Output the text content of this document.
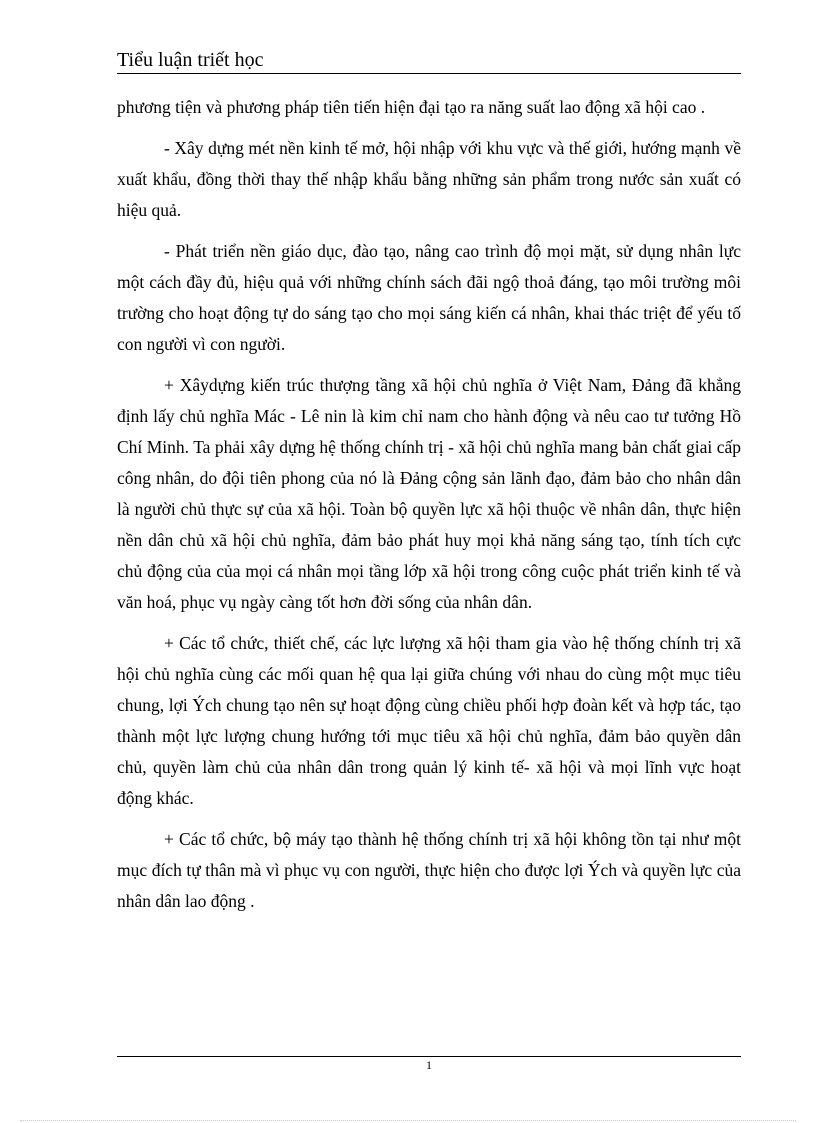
Tiểu luận triết học

phương tiện và phương pháp tiên tiến hiện đại tạo ra năng suất lao động xã hội cao .

- Xây dựng mét nền kinh tế mở, hội nhập với khu vực và thế giới, hướng mạnh về xuất khẩu, đồng thời thay thế nhập khẩu bằng những sản phẩm trong nước sản xuất có hiệu quả.

- Phát triển nền giáo dục, đào tạo, nâng cao trình độ mọi mặt, sử dụng nhân lực một cách đầy đủ, hiệu quả với những chính sách đãi ngộ thoả đáng, tạo môi trường môi trường cho hoạt động tự do sáng tạo cho mọi sáng kiến cá nhân, khai thác triệt để yếu tố con người vì con người.

+ Xâydựng kiến trúc thượng tầng xã hội chủ nghĩa ở Việt Nam, Đảng đã khẳng định lấy chủ nghĩa Mác - Lê nin là kim chỉ nam cho hành động và nêu cao tư tưởng Hồ Chí Minh. Ta phải xây dựng hệ thống chính trị - xã hội chủ nghĩa mang bản chất giai cấp công nhân, do đội tiên phong của nó là Đảng cộng sản lãnh đạo, đảm bảo cho nhân dân là người chủ thực sự của xã hội. Toàn bộ quyền lực xã hội thuộc về nhân dân, thực hiện nền dân chủ xã hội chủ nghĩa, đảm bảo phát huy mọi khả năng sáng tạo, tính tích cực chủ động của của mọi cá nhân mọi tầng lớp xã hội trong công cuộc phát triển kinh tế và văn hoá, phục vụ ngày càng tốt hơn đời sống của nhân dân.

+ Các tổ chức, thiết chế, các lực lượng xã hội tham gia vào hệ thống chính trị xã hội chủ nghĩa cùng các mối quan hệ qua lại giữa chúng với nhau do cùng một mục tiêu chung, lợi Ých chung tạo nên sự hoạt động cùng chiều phối hợp đoàn kết và hợp tác, tạo thành một lực lượng chung hướng tới mục tiêu xã hội chủ nghĩa, đảm bảo quyền dân chủ, quyền làm chủ của nhân dân trong quản lý kinh tế- xã hội và mọi lĩnh vực hoạt động khác.

+ Các tổ chức, bộ máy tạo thành hệ thống chính trị xã hội không tồn tại như một mục đích tự thân mà vì phục vụ con người, thực hiện cho được lợi Ých và quyền lực của nhân dân lao động .

1
